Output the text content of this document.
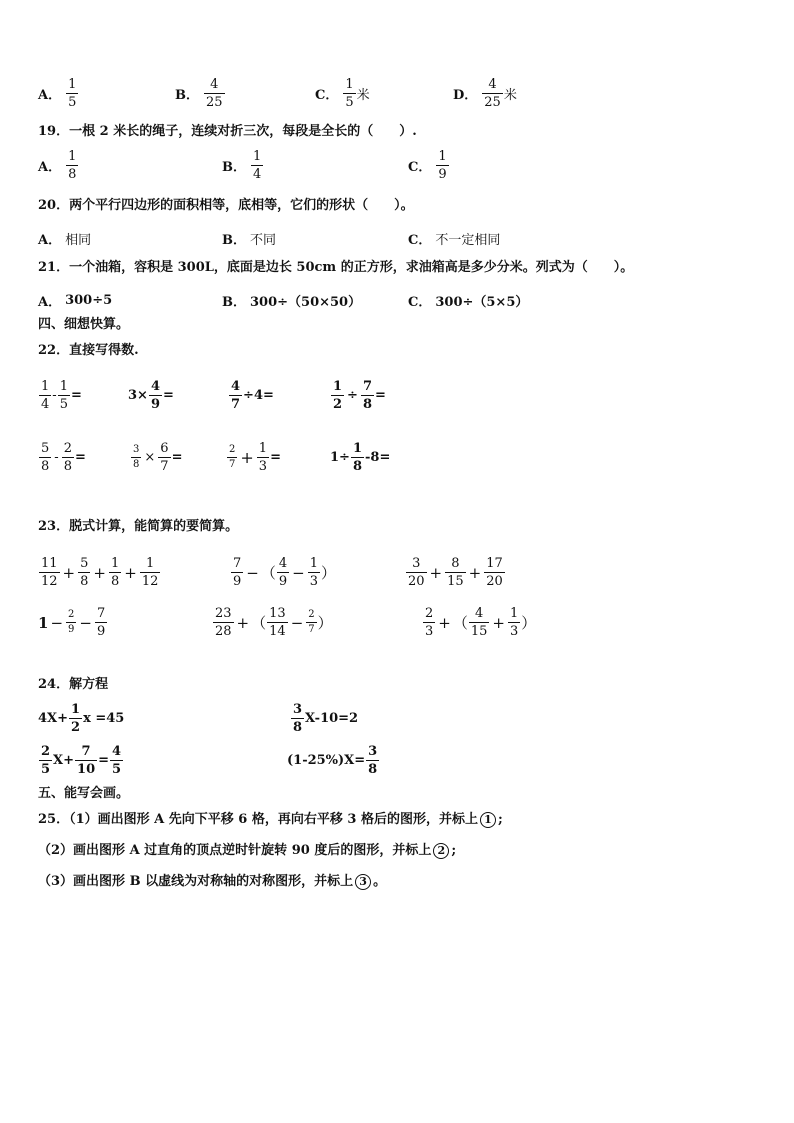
A． $\frac{1}{5}$	B． $\frac{4}{25}$	C． $\frac{1}{5}$ 米	D． $\frac{4}{25}$ 米
19．一根 2 米长的绳子，连续对折三次，每段是全长的（　　）.
A． $\frac{1}{8}$	B． $\frac{1}{4}$	C． $\frac{1}{9}$
20．两个平行四边形的面积相等，底相等，它们的形状（　　）。
A． 相同	B． 不同	C． 不一定相同
21．一个油箱，容积是 300L，底面是边长 50cm 的正方形，求油箱高是多少分米。列式为（　　）。
A． 300÷5	B． 300÷（50×50）	C． 300÷（5×5）
四、细想快算。
22．直接写得数.
$\frac{1}{4} - \frac{1}{5}$ =	$3 \times \frac{4}{9}$ =	$\frac{4}{7} \div 4$ =	$\frac{1}{2} \div \frac{7}{8}$ =
$\frac{5}{8} - \frac{2}{8}$ =	$\frac{3}{8} \times \frac{6}{7}$ =	$\frac{2}{7} + \frac{1}{3}$ =	$1 \div \frac{1}{8} -8$ =
23．脱式计算，能简算的要简算。
$\frac{11}{12} + \frac{5}{8} + \frac{1}{8} + \frac{1}{12}$	$\frac{7}{9}$ − （ $\frac{4}{9} - \frac{1}{3}$ ）	$\frac{3}{20} + \frac{8}{15} + \frac{17}{20}$
$1 - \frac{2}{9} - \frac{7}{9}$	$\frac{23}{28}$ + （ $\frac{13}{14} - \frac{2}{7}$ ）	$\frac{2}{3}$ + （ $\frac{4}{15} + \frac{1}{3}$ ）
24．解方程
$4X+ \frac{1}{2}$ x =45	$\frac{3}{8} X-10=2$
$\frac{2}{5} X+ \frac{7}{10} = \frac{4}{5}$	$(1-25\%)X= \frac{3}{8}$
五、能写会画。
25．（1）画出图形 A 先向下平移 6 格，再向右平移 3 格后的图形，并标上 1 ;
（2）画出图形 A 过直角的顶点逆时针旋转 90 度后的图形，并标上 2 ;
（3）画出图形 B 以虚线为对称轴的对称图形，并标上 3 。
